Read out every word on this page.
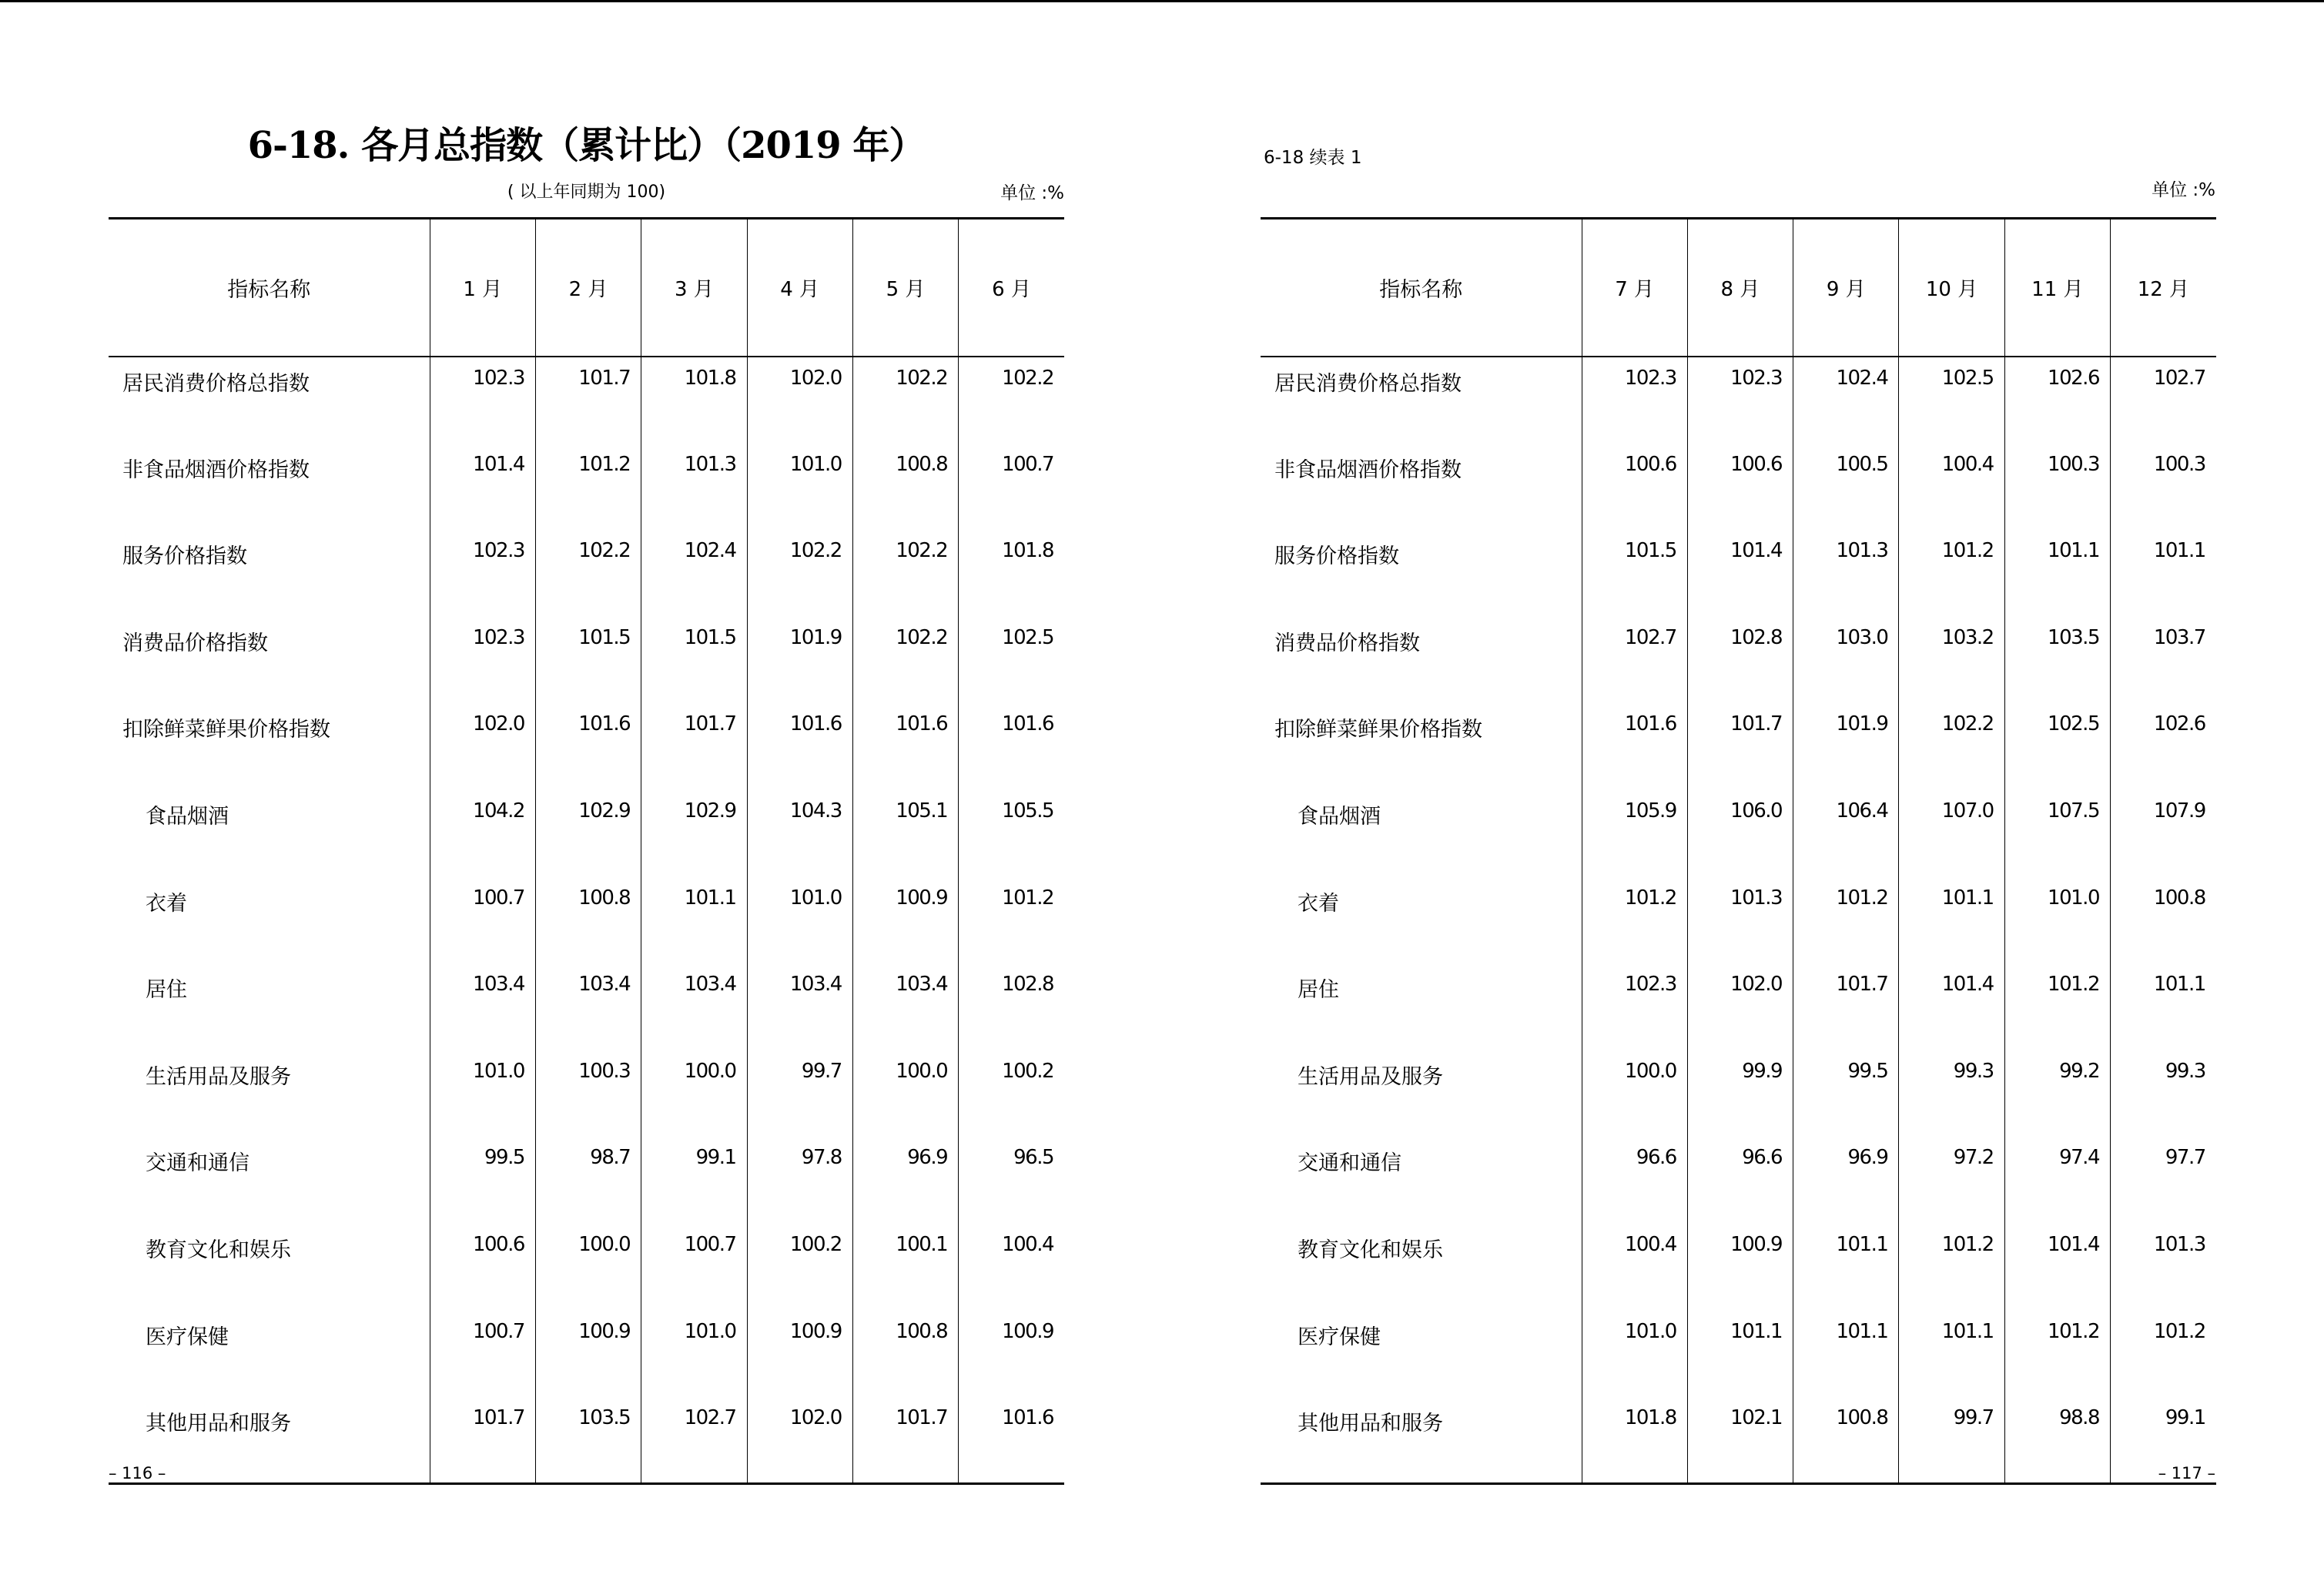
6-18. 各月总指数（累计比）（2019 年）
( 以上年同期为 100)	单位 :%
指标名称	1 月	2 月	3 月	4 月	5 月	6 月
居民消费价格总指数	102.3	101.7	101.8	102.0	102.2	102.2
非食品烟酒价格指数	101.4	101.2	101.3	101.0	100.8	100.7
服务价格指数	102.3	102.2	102.4	102.2	102.2	101.8
消费品价格指数	102.3	101.5	101.5	101.9	102.2	102.5
扣除鲜菜鲜果价格指数	102.0	101.6	101.7	101.6	101.6	101.6
食品烟酒	104.2	102.9	102.9	104.3	105.1	105.5
衣着	100.7	100.8	101.1	101.0	100.9	101.2
居住	103.4	103.4	103.4	103.4	103.4	102.8
生活用品及服务	101.0	100.3	100.0	99.7	100.0	100.2
交通和通信	99.5	98.7	99.1	97.8	96.9	96.5
教育文化和娱乐	100.6	100.0	100.7	100.2	100.1	100.4
医疗保健	100.7	100.9	101.0	100.9	100.8	100.9
其他用品和服务	101.7	103.5	102.7	102.0	101.7	101.6
– 116 –
6-18 续表 1
单位 :%
指标名称	7 月	8 月	9 月	10 月	11 月	12 月
居民消费价格总指数	102.3	102.3	102.4	102.5	102.6	102.7
非食品烟酒价格指数	100.6	100.6	100.5	100.4	100.3	100.3
服务价格指数	101.5	101.4	101.3	101.2	101.1	101.1
消费品价格指数	102.7	102.8	103.0	103.2	103.5	103.7
扣除鲜菜鲜果价格指数	101.6	101.7	101.9	102.2	102.5	102.6
食品烟酒	105.9	106.0	106.4	107.0	107.5	107.9
衣着	101.2	101.3	101.2	101.1	101.0	100.8
居住	102.3	102.0	101.7	101.4	101.2	101.1
生活用品及服务	100.0	99.9	99.5	99.3	99.2	99.3
交通和通信	96.6	96.6	96.9	97.2	97.4	97.7
教育文化和娱乐	100.4	100.9	101.1	101.2	101.4	101.3
医疗保健	101.0	101.1	101.1	101.1	101.2	101.2
其他用品和服务	101.8	102.1	100.8	99.7	98.8	99.1
– 117 –
